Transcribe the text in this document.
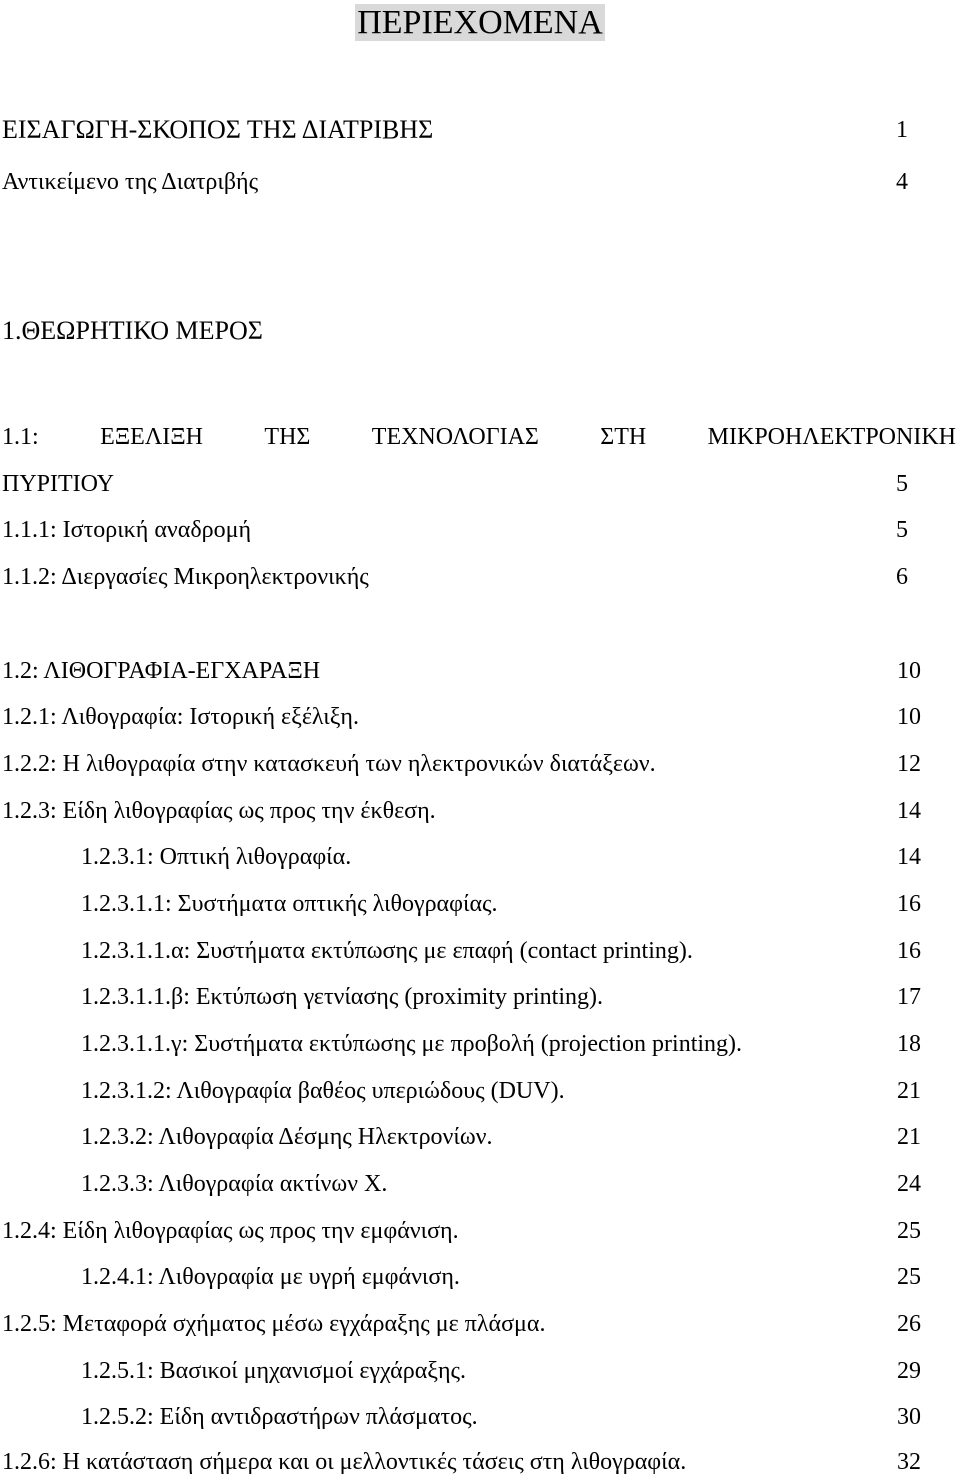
ΠΕΡΙΕΧΟΜΕΝΑ
ΕΙΣΑΓΩΓΗ-ΣΚΟΠΟΣ ΤΗΣ ΔΙΑΤΡΙΒΗΣ	1
Αντικείμενο της Διατριβής	4
1.ΘΕΩΡΗΤΙΚΟ ΜΕΡΟΣ
1.1:	ΕΞΕΛΙΞΗ	ΤΗΣ	ΤΕΧΝΟΛΟΓΙΑΣ	ΣΤΗ	ΜΙΚΡΟΗΛΕΚΤΡΟΝΙΚΗ
ΠΥΡΙΤΙΟΥ	5
1.1.1: Ιστορική αναδρομή	5
1.1.2: Διεργασίες Μικροηλεκτρονικής	6
1.2: ΛΙΘΟΓΡΑΦΙΑ-ΕΓΧΑΡΑΞΗ	10
1.2.1: Λιθογραφία: Ιστορική εξέλιξη.	10
1.2.2: Η λιθογραφία στην κατασκευή των ηλεκτρονικών διατάξεων.	12
1.2.3: Είδη λιθογραφίας ως προς την έκθεση.	14
1.2.3.1: Οπτική λιθογραφία.	14
1.2.3.1.1: Συστήματα οπτικής λιθογραφίας.	16
1.2.3.1.1.α: Συστήματα εκτύπωσης με επαφή (contact printing).	16
1.2.3.1.1.β: Εκτύπωση γετνίασης (proximity printing).	17
1.2.3.1.1.γ: Συστήματα εκτύπωσης με προβολή (projection printing).	18
1.2.3.1.2: Λιθογραφία βαθέος υπεριώδους (DUV).	21
1.2.3.2: Λιθογραφία Δέσμης Ηλεκτρονίων.	21
1.2.3.3: Λιθογραφία ακτίνων Χ.	24
1.2.4: Είδη λιθογραφίας ως προς την εμφάνιση.	25
1.2.4.1: Λιθογραφία με υγρή εμφάνιση.	25
1.2.5: Μεταφορά σχήματος μέσω εγχάραξης με πλάσμα.	26
1.2.5.1: Βασικοί μηχανισμοί εγχάραξης.	29
1.2.5.2: Είδη αντιδραστήρων πλάσματος.	30
1.2.6: Η κατάσταση σήμερα και οι μελλοντικές τάσεις στη λιθογραφία.	32
